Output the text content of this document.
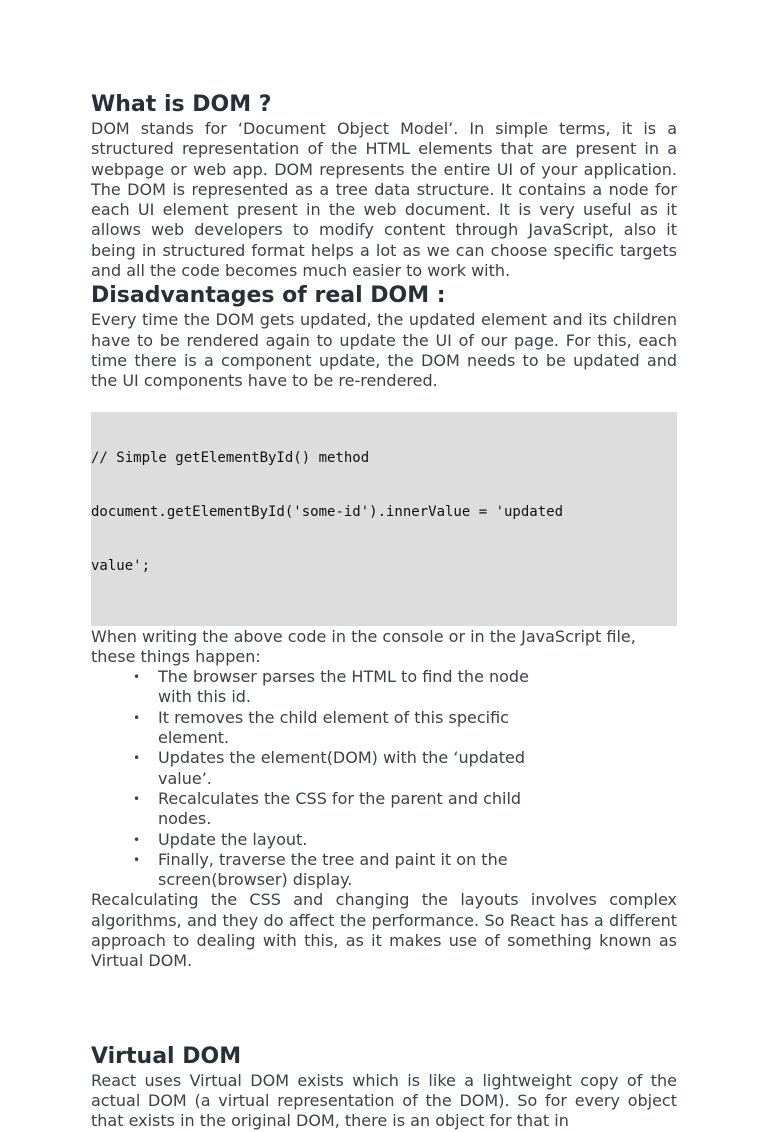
What is DOM ?

DOM stands for ‘Document Object Model’. In simple terms, it is a structured representation of the HTML elements that are present in a webpage or web app. DOM represents the entire UI of your application. The DOM is represented as a tree data structure. It contains a node for each UI element present in the web document. It is very useful as it allows web developers to modify content through JavaScript, also it being in structured format helps a lot as we can choose specific targets and all the code becomes much easier to work with.

Disadvantages of real DOM :

Every time the DOM gets updated, the updated element and its children have to be rendered again to update the UI of our page. For this, each time there is a component update, the DOM needs to be updated and the UI components have to be re-rendered.

// Simple getElementById() method

document.getElementById('some-id').innerValue = 'updated

value';

When writing the above code in the console or in the JavaScript file, these things happen:

• The browser parses the HTML to find the node with this id.
• It removes the child element of this specific element.
• Updates the element(DOM) with the ‘updated value’.
• Recalculates the CSS for the parent and child nodes.
• Update the layout.
• Finally, traverse the tree and paint it on the screen(browser) display.

Recalculating the CSS and changing the layouts involves complex algorithms, and they do affect the performance. So React has a different approach to dealing with this, as it makes use of something known as Virtual DOM.

Virtual DOM

React uses Virtual DOM exists which is like a lightweight copy of the actual DOM (a virtual representation of the DOM). So for every object that exists in the original DOM, there is an object for that in
